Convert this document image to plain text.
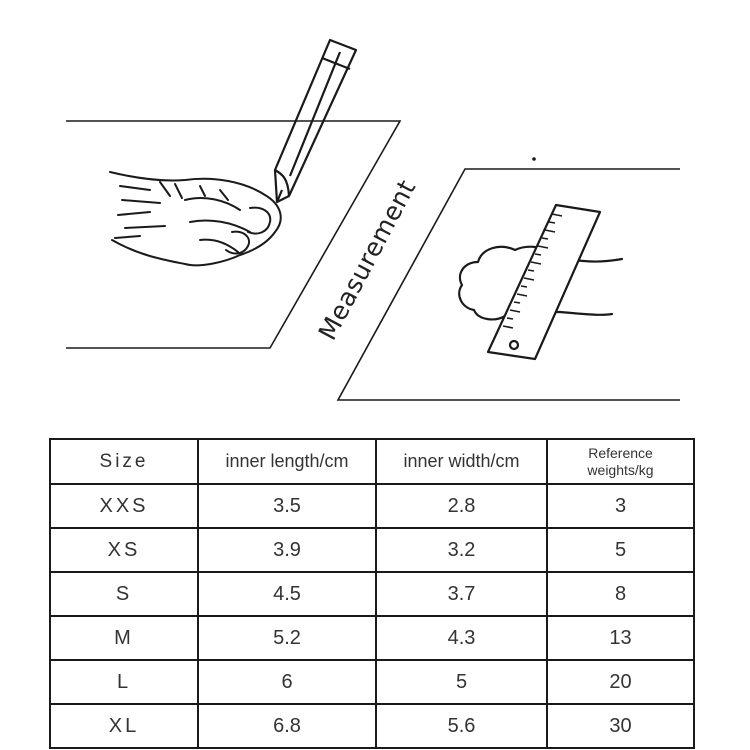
Measurement
Size	inner length/cm	inner width/cm	Reference
weights/kg

XXS	3.5	2.8	3
XS	3.9	3.2	5
S	4.5	3.7	8
M	5.2	4.3	13
L	6	5	20
XL	6.8	5.6	30
